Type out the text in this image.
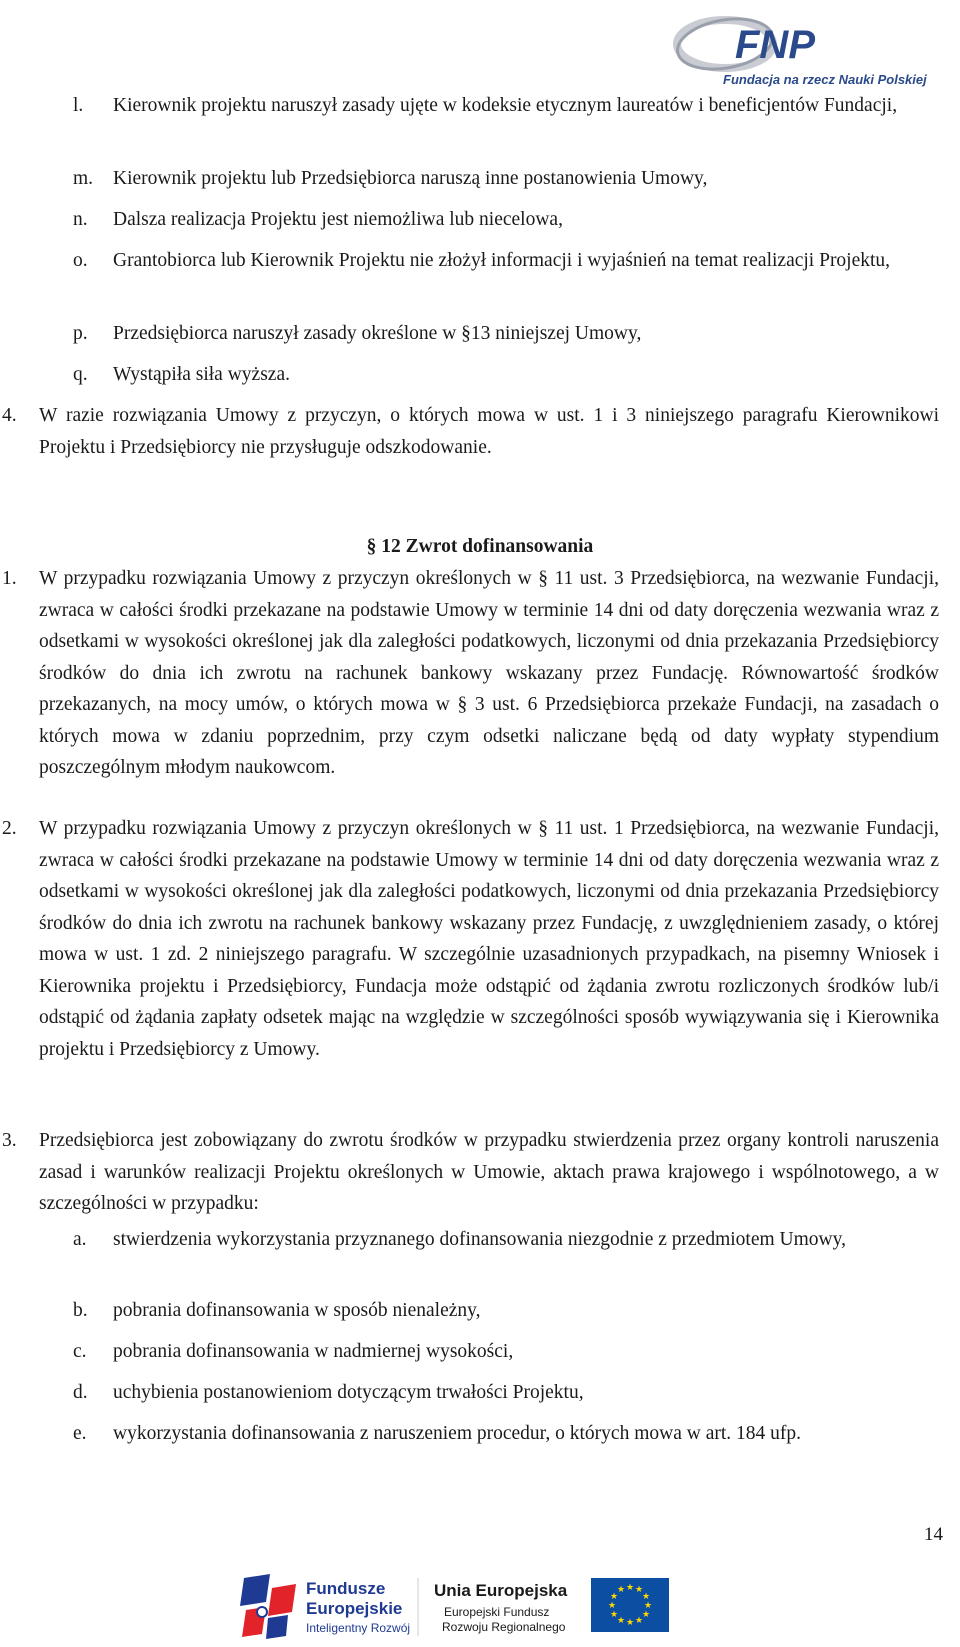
FNP
Fundacja na rzecz Nauki Polskiej
l. Kierownik projektu naruszył zasady ujęte w kodeksie etycznym laureatów i beneficjentów Fundacji,
m. Kierownik projektu lub Przedsiębiorca naruszą inne postanowienia Umowy,
n. Dalsza realizacja Projektu jest niemożliwa lub niecelowa,
o. Grantobiorca lub Kierownik Projektu nie złożył informacji i wyjaśnień na temat realizacji Projektu,
p. Przedsiębiorca naruszył zasady określone w §13 niniejszej Umowy,
q. Wystąpiła siła wyższa.
4. W razie rozwiązania Umowy z przyczyn, o których mowa w ust. 1 i 3 niniejszego paragrafu Kierownikowi Projektu i Przedsiębiorcy nie przysługuje odszkodowanie.
§ 12 Zwrot dofinansowania
1. W przypadku rozwiązania Umowy z przyczyn określonych w § 11 ust. 3 Przedsiębiorca, na wezwanie Fundacji, zwraca w całości środki przekazane na podstawie Umowy w terminie 14 dni od daty doręczenia wezwania wraz z odsetkami w wysokości określonej jak dla zaległości podatkowych, liczonymi od dnia przekazania Przedsiębiorcy środków do dnia ich zwrotu na rachunek bankowy wskazany przez Fundację. Równowartość środków przekazanych, na mocy umów, o których mowa w § 3 ust. 6 Przedsiębiorca przekaże Fundacji, na zasadach o których mowa w zdaniu poprzednim, przy czym odsetki naliczane będą od daty wypłaty stypendium poszczególnym młodym naukowcom.
2. W przypadku rozwiązania Umowy z przyczyn określonych w § 11 ust. 1 Przedsiębiorca, na wezwanie Fundacji, zwraca w całości środki przekazane na podstawie Umowy w terminie 14 dni od daty doręczenia wezwania wraz z odsetkami w wysokości określonej jak dla zaległości podatkowych, liczonymi od dnia przekazania Przedsiębiorcy środków do dnia ich zwrotu na rachunek bankowy wskazany przez Fundację, z uwzględnieniem zasady, o której mowa w ust. 1 zd. 2 niniejszego paragrafu. W szczególnie uzasadnionych przypadkach, na pisemny Wniosek i Kierownika projektu i Przedsiębiorcy, Fundacja może odstąpić od żądania zwrotu rozliczonych środków lub/i odstąpić od żądania zapłaty odsetek mając na względzie w szczególności sposób wywiązywania się i Kierownika projektu i Przedsiębiorcy z Umowy.
3. Przedsiębiorca jest zobowiązany do zwrotu środków w przypadku stwierdzenia przez organy kontroli naruszenia zasad i warunków realizacji Projektu określonych w Umowie, aktach prawa krajowego i wspólnotowego, a w szczególności w przypadku:
a. stwierdzenia wykorzystania przyznanego dofinansowania niezgodnie z przedmiotem Umowy,
b. pobrania dofinansowania w sposób nienależny,
c. pobrania dofinansowania w nadmiernej wysokości,
d. uchybienia postanowieniom dotyczącym trwałości Projektu,
e. wykorzystania dofinansowania z naruszeniem procedur, o których mowa w art. 184 ufp.
14
Fundusze
Europejskie
Inteligentny Rozwój
Unia Europejska
Europejski Fundusz
Rozwoju Regionalnego
★ ★
★
★
★
★
★
★
★
★
★
★
